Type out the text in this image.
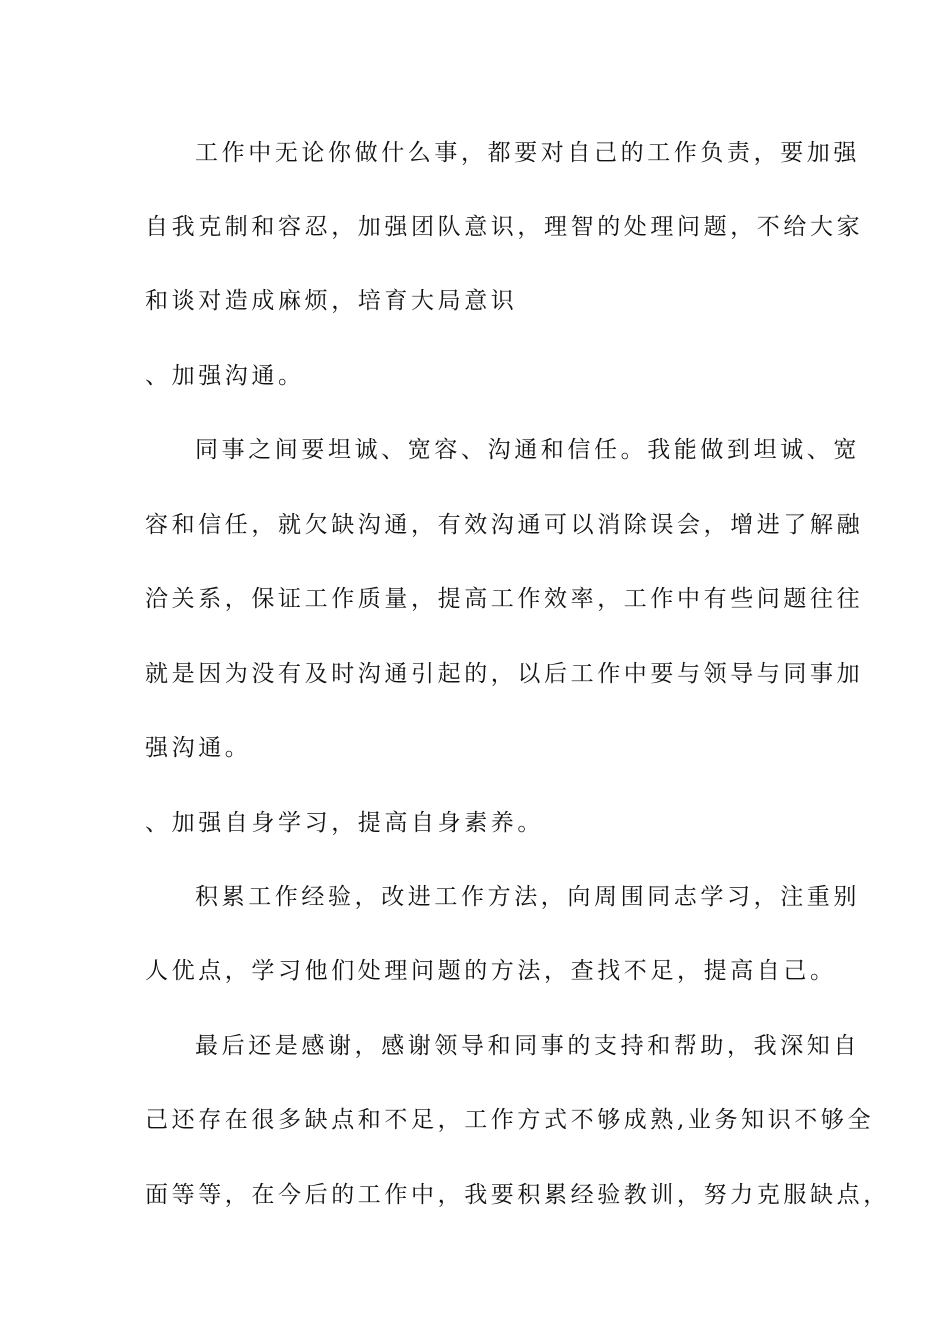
工作中无论你做什么事，都要对自己的工作负责，要加强

自我克制和容忍，加强团队意识，理智的处理问题，不给大家

和谈对造成麻烦，培育大局意识

、加强沟通。

同事之间要坦诚、宽容、沟通和信任。我能做到坦诚、宽

容和信任，就欠缺沟通，有效沟通可以消除误会，增进了解融

洽关系，保证工作质量，提高工作效率，工作中有些问题往往

就是因为没有及时沟通引起的，以后工作中要与领导与同事加

强沟通。

、加强自身学习，提高自身素养。

积累工作经验，改进工作方法，向周围同志学习，注重别

人优点，学习他们处理问题的方法，查找不足，提高自己。

最后还是感谢，感谢领导和同事的支持和帮助，我深知自

己还存在很多缺点和不足，工作方式不够成熟,业务知识不够全

面等等，在今后的工作中，我要积累经验教训，努力克服缺点，
